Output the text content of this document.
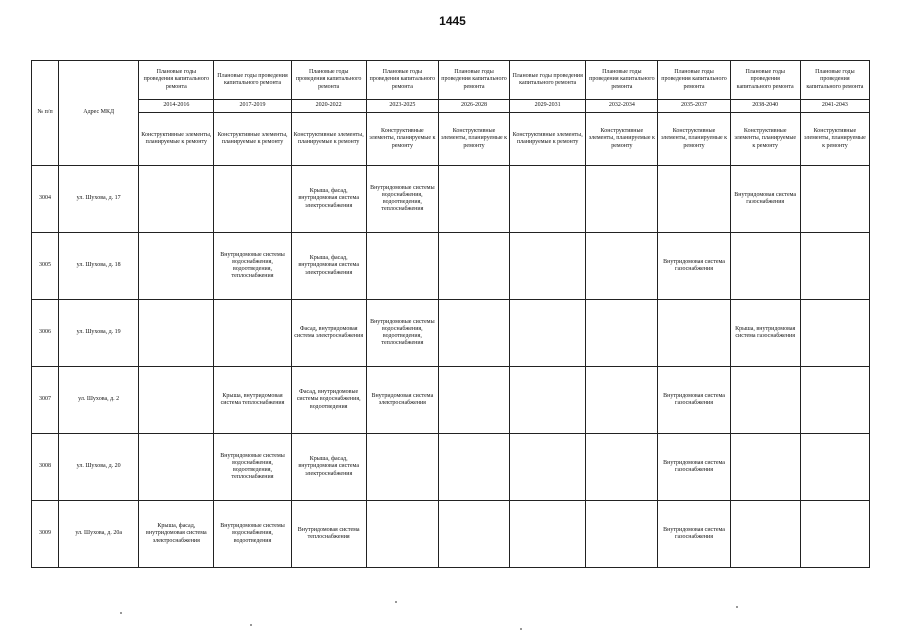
1445
№ п/п	Адрес МКД	Плановые годы проведения капитального ремонта	Плановые годы проведения капитального ремонта	Плановые годы проведения капитального ремонта	Плановые годы проведения капитального ремонта	Плановые годы проведения капитального ремонта	Плановые годы проведения капитального ремонта	Плановые годы проведения капитального ремонта	Плановые годы проведения капитального ремонта	Плановые годы проведения капитального ремонта	Плановые годы проведения капитального ремонта
		2014-2016	2017-2019	2020-2022	2023-2025	2026-2028	2029-2031	2032-2034	2035-2037	2038-2040	2041-2043
		Конструктивные элементы, планируемые к ремонту	Конструктивные элементы, планируемые к ремонту	Конструктивные элементы, планируемые к ремонту	Конструктивные элементы, планируемые к ремонту	Конструктивные элементы, планируемые к ремонту	Конструктивные элементы, планируемые к ремонту	Конструктивные элементы, планируемые к ремонту	Конструктивные элементы, планируемые к ремонту	Конструктивные элементы, планируемые к ремонту	Конструктивные элементы, планируемые к ремонту
3004	ул. Шухова, д. 17			Крыша, фасад, внутридомовая система электроснабжения	Внутридомовые системы водоснабжения, водоотведения, теплоснабжения					Внутридомовая система газоснабжения	
3005	ул. Шухова, д. 18		Внутридомовые системы водоснабжения, водоотведения, теплоснабжения	Крыша, фасад, внутридомовая система электроснабжения					Внутридомовая система газоснабжения		
3006	ул. Шухова, д. 19			Фасад, внутридомовая система электроснабжения	Внутридомовые системы водоснабжения, водоотведения, теплоснабжения					Крыша, внутридомовая система газоснабжения	
3007	ул. Шухова, д. 2		Крыша, внутридомовая система теплоснабжения	Фасад, внутридомовые системы водоснабжения, водоотведения	Внутридомовая система электроснабжения				Внутридомовая система газоснабжения		
3008	ул. Шухова, д. 20		Внутридомовые системы водоснабжения, водоотведения, теплоснабжения	Крыша, фасад, внутридомовая система электроснабжения					Внутридомовая система газоснабжения		
3009	ул. Шухова, д. 20а	Крыша, фасад, внутридомовая система электроснабжения	Внутридомовые системы водоснабжения, водоотведения	Внутридомовая система теплоснабжения					Внутридомовая система газоснабжения		
